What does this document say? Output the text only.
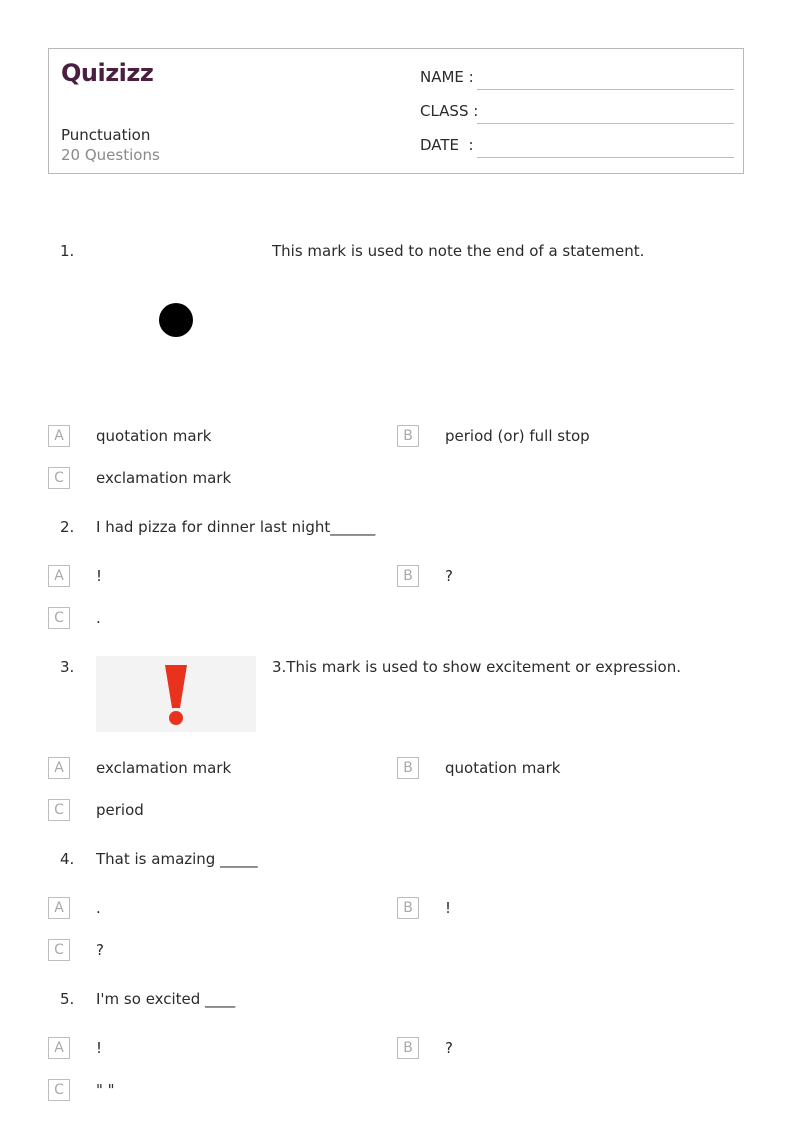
Quizizz
Punctuation
20 Questions
NAME :
CLASS :
DATE  :
1.	This mark is used to note the end of a statement.
A	quotation mark	B	period (or) full stop
C	exclamation mark
2. I had pizza for dinner last night______
A	!	B	?
C	.
3.	3.This mark is used to show excitement or expression.
A	exclamation mark	B	quotation mark
C	period
4. That is amazing _____
A	.	B	!
C	?
5. I'm so excited ____
A	!	B	?
C	" "
